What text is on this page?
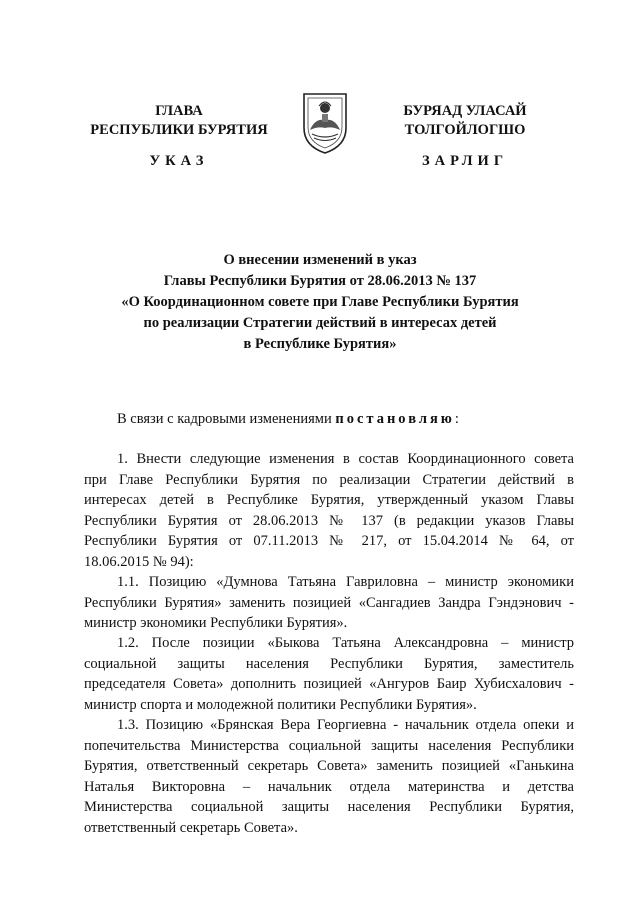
ГЛАВА
РЕСПУБЛИКИ БУРЯТИЯ
УКАЗ
БУРЯАД УЛАСАЙ
ТОЛГОЙЛОГШО
ЗАРЛИГ
О внесении изменений в указ
Главы Республики Бурятия от 28.06.2013 № 137
«О Координационном совете при Главе Республики Бурятия
по реализации Стратегии действий в интересах детей
в Республике Бурятия»
В связи с кадровыми изменениями постановляю:
1. Внести следующие изменения в состав Координационного совета
при Главе Республики Бурятия по реализации Стратегии действий в
интересах детей в Республике Бурятия, утвержденный указом Главы
Республики Бурятия от 28.06.2013 № 137 (в редакции указов Главы
Республики Бурятия от 07.11.2013 № 217, от 15.04.2014 № 64, от
18.06.2015 № 94):
1.1. Позицию «Думнова Татьяна Гавриловна – министр экономики
Республики Бурятия» заменить позицией «Сангадиев Зандра Гэндэнович -
министр экономики Республики Бурятия».
1.2. После позиции «Быкова Татьяна Александровна – министр
социальной защиты населения Республики Бурятия, заместитель
председателя Совета» дополнить позицией «Ангуров Баир Хубисхалович -
министр спорта и молодежной политики Республики Бурятия».
1.3. Позицию «Брянская Вера Георгиевна - начальник отдела опеки и
попечительства Министерства социальной защиты населения Республики
Бурятия, ответственный секретарь Совета» заменить позицией «Ганькина
Наталья Викторовна – начальник отдела материнства и детства
Министерства социальной защиты населения Республики Бурятия,
ответственный секретарь Совета».
